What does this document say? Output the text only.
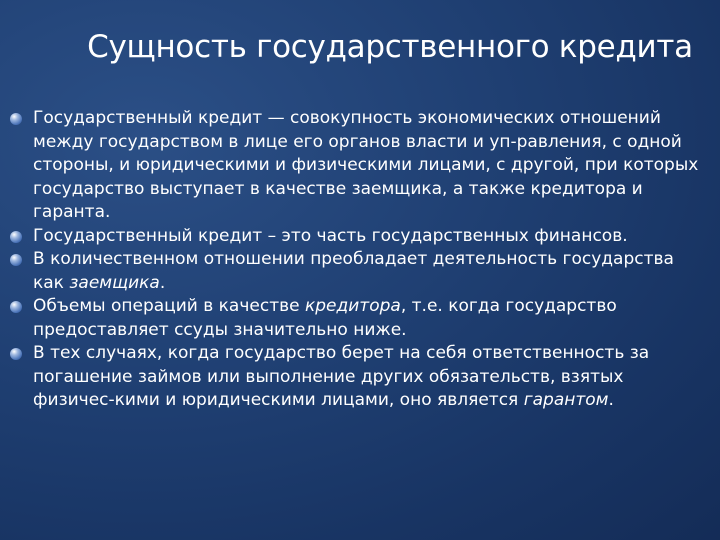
Сущность государственного кредита
Государственный кредит — совокупность экономических отношений между государством в лице его органов власти и уп-равления, с одной стороны, и юридическими и физическими лицами, с другой, при которых государство выступает в качестве заемщика, а также кредитора и гаранта.
Государственный кредит – это часть государственных финансов.
В количественном отношении преобладает деятельность государства как заемщика.
Объемы операций в качестве кредитора, т.е. когда государство предоставляет ссуды значительно ниже.
В тех случаях, когда государство берет на себя ответственность за погашение займов или выполнение других обязательств, взятых физичес-кими и юридическими лицами, оно является гарантом.
